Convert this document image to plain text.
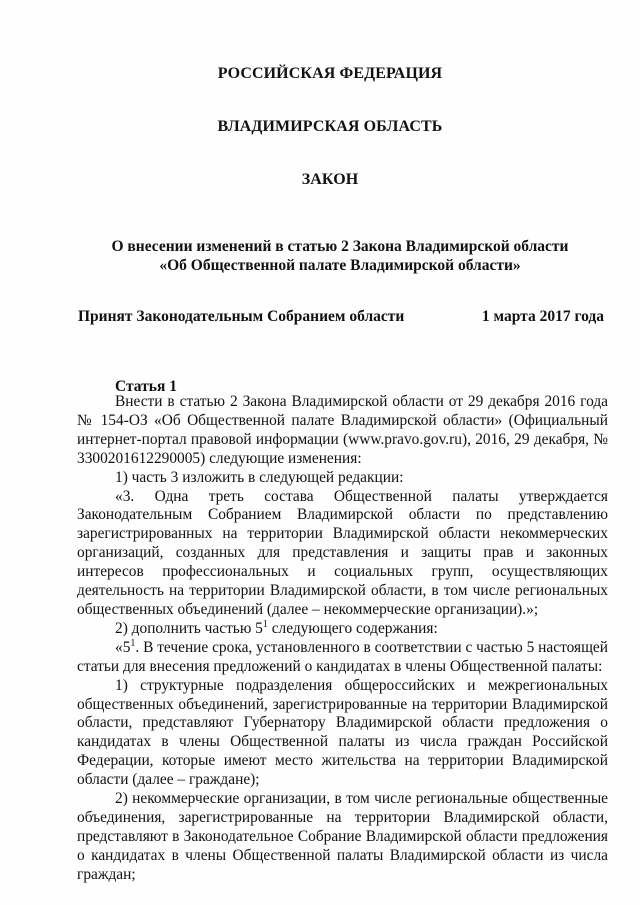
РОССИЙСКАЯ ФЕДЕРАЦИЯ
ВЛАДИМИРСКАЯ ОБЛАСТЬ
ЗАКОН
О внесении изменений в статью 2 Закона Владимирской области
«Об Общественной палате Владимирской области»
Принят Законодательным Собранием области	1 марта 2017 года
Статья 1

Внести в статью 2 Закона Владимирской области от 29 декабря 2016 года № 154-ОЗ «Об Общественной палате Владимирской области» (Официальный интернет-портал правовой информации (www.pravo.gov.ru), 2016, 29 декабря, № 3300201612290005) следующие изменения:

1) часть 3 изложить в следующей редакции:

«3. Одна треть состава Общественной палаты утверждается Законодательным Собранием Владимирской области по представлению зарегистрированных на территории Владимирской области некоммерческих организаций, созданных для представления и защиты прав и законных интересов профессиональных и социальных групп, осуществляющих деятельность на территории Владимирской области, в том числе региональных общественных объединений (далее – некоммерческие организации).»;

2) дополнить частью $5^1$ следующего содержания:

«$5^1$. В течение срока, установленного в соответствии с частью 5 настоящей статьи для внесения предложений о кандидатах в члены Общественной палаты:

1) структурные подразделения общероссийских и межрегиональных общественных объединений, зарегистрированные на территории Владимирской области, представляют Губернатору Владимирской области предложения о кандидатах в члены Общественной палаты из числа граждан Российской Федерации, которые имеют место жительства на территории Владимирской области (далее – граждане);

2) некоммерческие организации, в том числе региональные общественные объединения, зарегистрированные на территории Владимирской области, представляют в Законодательное Собрание Владимирской области предложения о кандидатах в члены Общественной палаты Владимирской области из числа граждан;
